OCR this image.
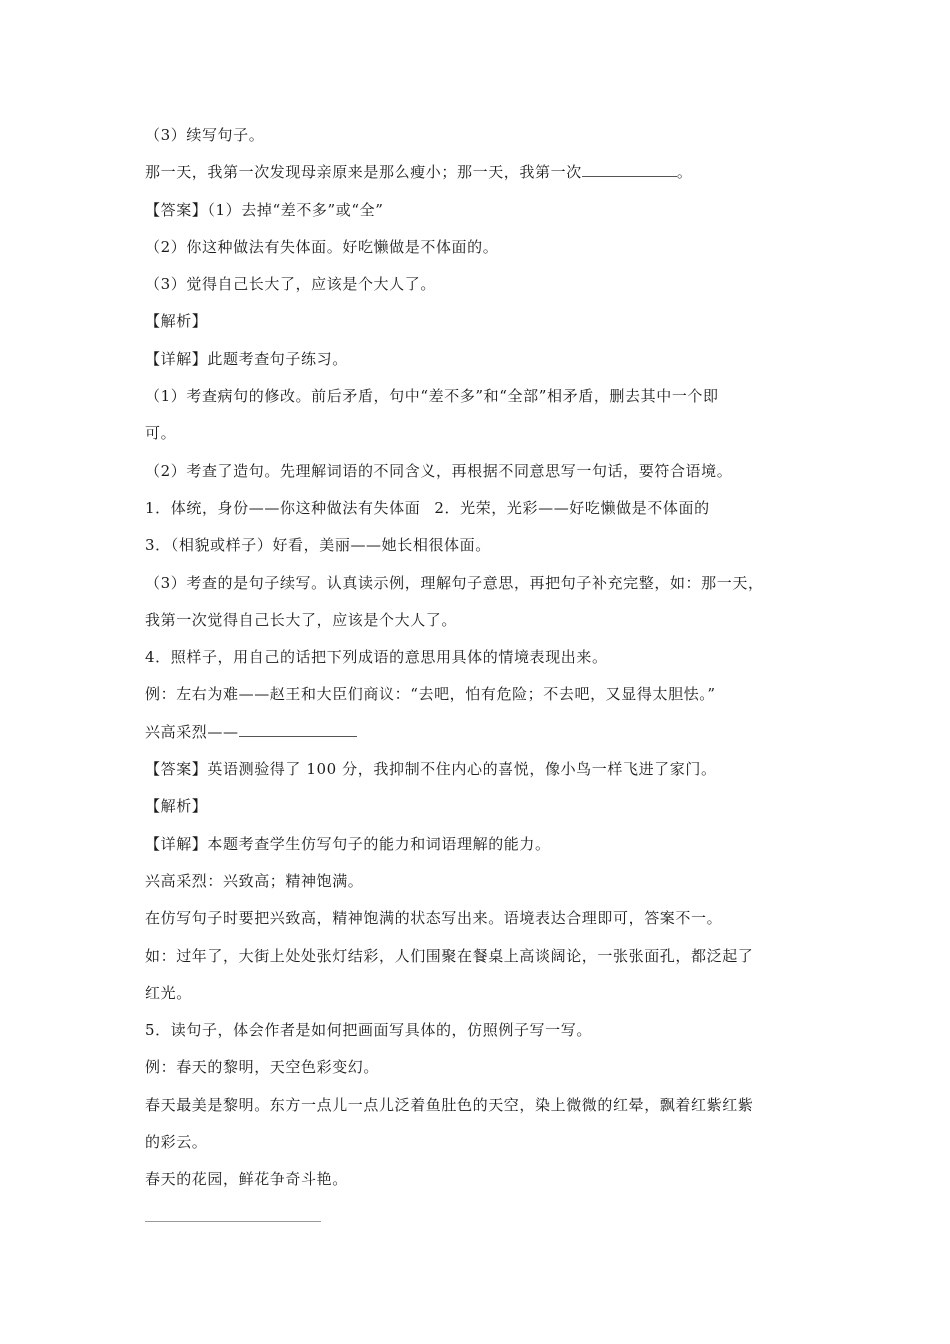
（3）续写句子。
那一天，我第一次发现母亲原来是那么瘦小；那一天，我第一次	。
【答案】（1）去掉“差不多”或“全”
（2）你这种做法有失体面。好吃懒做是不体面的。
（3）觉得自己长大了，应该是个大人了。
【解析】
【详解】此题考查句子练习。
（1）考查病句的修改。前后矛盾，句中“差不多”和“全部”相矛盾，删去其中一个即
可。
（2）考查了造句。先理解词语的不同含义，再根据不同意思写一句话，要符合语境。
1．体统，身份——你这种做法有失体面 2．光荣，光彩——好吃懒做是不体面的
3．（相貌或样子）好看，美丽——她长相很体面。
（3）考查的是句子续写。认真读示例，理解句子意思，再把句子补充完整，如：那一天，
我第一次觉得自己长大了，应该是个大人了。
4．照样子，用自己的话把下列成语的意思用具体的情境表现出来。
例：左右为难——赵王和大臣们商议：“去吧，怕有危险；不去吧，又显得太胆怯。”
兴高采烈——
【答案】英语测验得了 100 分，我抑制不住内心的喜悦，像小鸟一样飞进了家门。
【解析】
【详解】本题考查学生仿写句子的能力和词语理解的能力。
兴高采烈：兴致高；精神饱满。
在仿写句子时要把兴致高，精神饱满的状态写出来。语境表达合理即可，答案不一。
如：过年了，大街上处处张灯结彩，人们围聚在餐桌上高谈阔论，一张张面孔，都泛起了
红光。
5．读句子，体会作者是如何把画面写具体的，仿照例子写一写。
例：春天的黎明，天空色彩变幻。
春天最美是黎明。东方一点儿一点儿泛着鱼肚色的天空，染上微微的红晕，飘着红紫红紫
的彩云。
春天的花园，鲜花争奇斗艳。
